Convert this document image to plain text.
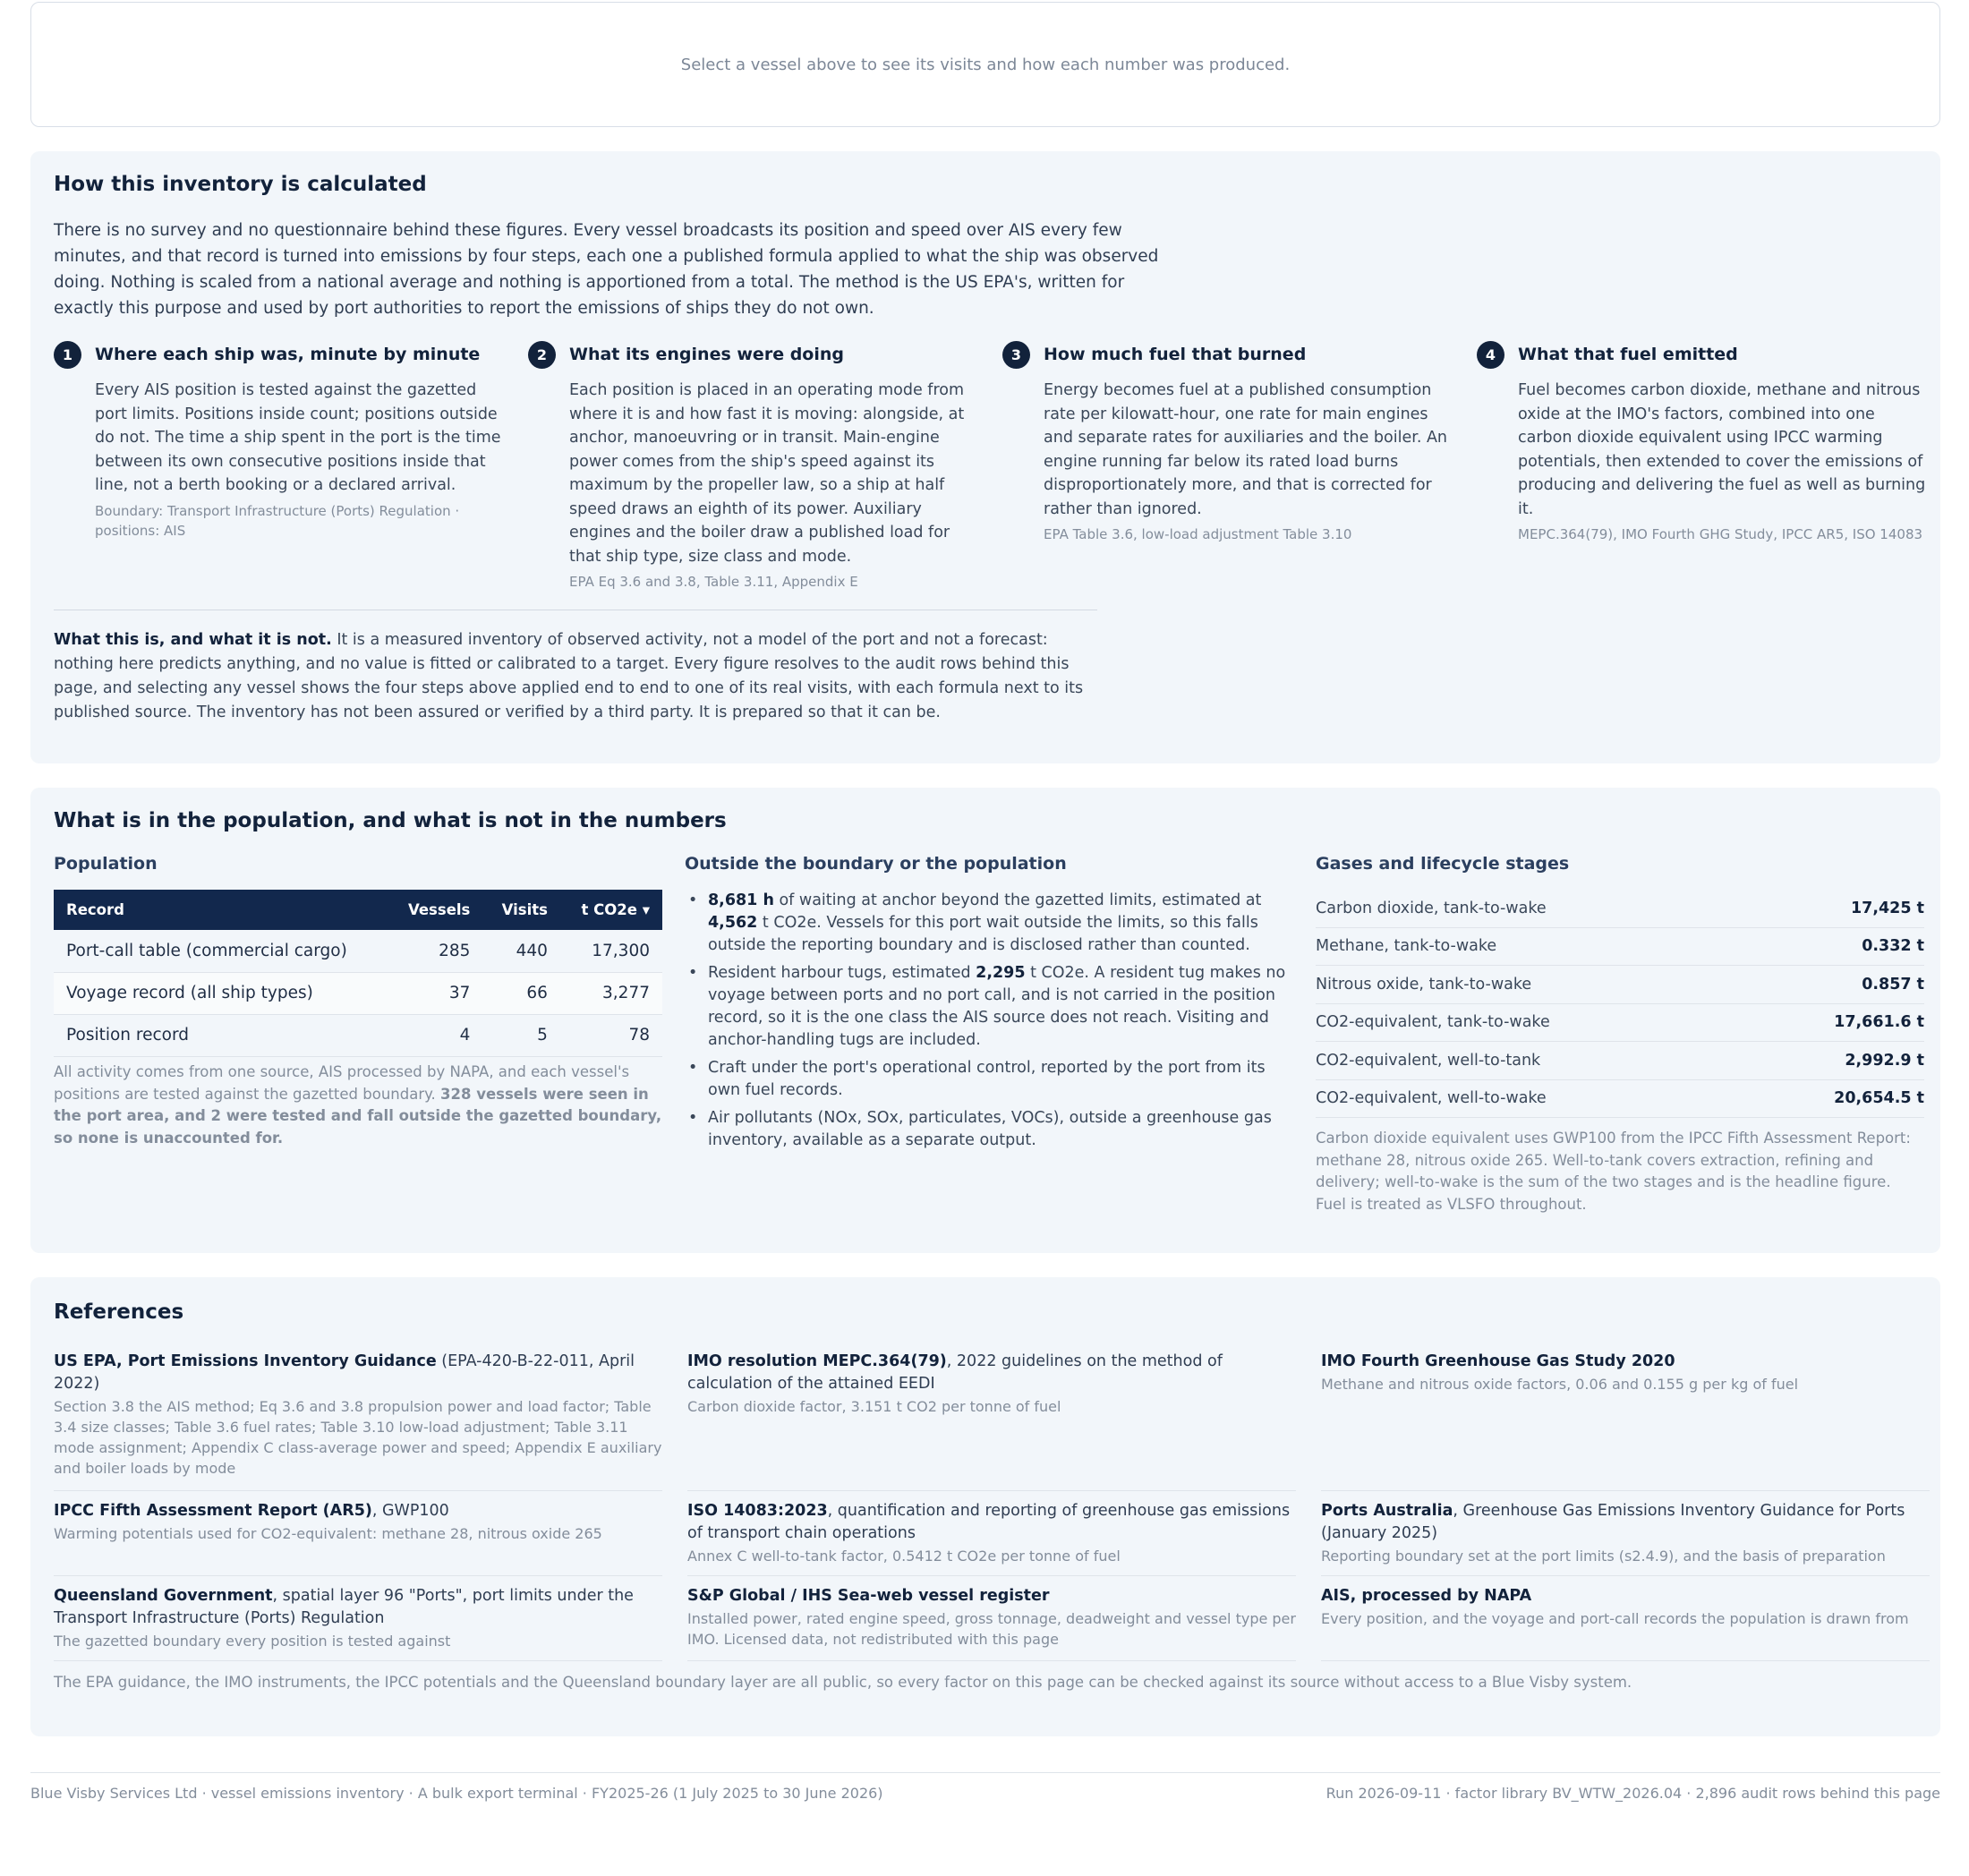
Select a vessel above to see its visits and how each number was produced.
How this inventory is calculated

There is no survey and no questionnaire behind these figures. Every vessel broadcasts its position and speed over AIS every few minutes, and that record is turned into emissions by four steps, each one a published formula applied to what the ship was observed doing. Nothing is scaled from a national average and nothing is apportioned from a total. The method is the US EPA's, written for exactly this purpose and used by port authorities to report the emissions of ships they do not own.

1	Where each ship was, minute by minute
Every AIS position is tested against the gazetted port limits. Positions inside count; positions outside do not. The time a ship spent in the port is the time between its own consecutive positions inside that line, not a berth booking or a declared arrival.
Boundary: Transport Infrastructure (Ports) Regulation · positions: AIS
2	What its engines were doing
Each position is placed in an operating mode from where it is and how fast it is moving: alongside, at anchor, manoeuvring or in transit. Main-engine power comes from the ship's speed against its maximum by the propeller law, so a ship at half speed draws an eighth of its power. Auxiliary engines and the boiler draw a published load for that ship type, size class and mode.
EPA Eq 3.6 and 3.8, Table 3.11, Appendix E
3	How much fuel that burned
Energy becomes fuel at a published consumption rate per kilowatt-hour, one rate for main engines and separate rates for auxiliaries and the boiler. An engine running far below its rated load burns disproportionately more, and that is corrected for rather than ignored.
EPA Table 3.6, low-load adjustment Table 3.10
4	What that fuel emitted
Fuel becomes carbon dioxide, methane and nitrous oxide at the IMO's factors, combined into one carbon dioxide equivalent using IPCC warming potentials, then extended to cover the emissions of producing and delivering the fuel as well as burning it.
MEPC.364(79), IMO Fourth GHG Study, IPCC AR5, ISO 14083

What this is, and what it is not. It is a measured inventory of observed activity, not a model of the port and not a forecast: nothing here predicts anything, and no value is fitted or calibrated to a target. Every figure resolves to the audit rows behind this page, and selecting any vessel shows the four steps above applied end to end to one of its real visits, with each formula next to its published source. The inventory has not been assured or verified by a third party. It is prepared so that it can be.

What is in the population, and what is not in the numbers
Population
Record	Vessels	Visits	t CO2e ▾
Port-call table (commercial cargo)	285	440	17,300
Voyage record (all ship types)	37	66	3,277
Position record	4	5	78

All activity comes from one source, AIS processed by NAPA, and each vessel's positions are tested against the gazetted boundary. 328 vessels were seen in the port area, and 2 were tested and fall outside the gazetted boundary, so none is unaccounted for.

Outside the boundary or the population
• 8,681 h of waiting at anchor beyond the gazetted limits, estimated at 4,562 t CO2e. Vessels for this port wait outside the limits, so this falls outside the reporting boundary and is disclosed rather than counted.
• Resident harbour tugs, estimated 2,295 t CO2e. A resident tug makes no voyage between ports and no port call, and is not carried in the position record, so it is the one class the AIS source does not reach. Visiting and anchor-handling tugs are included.
• Craft under the port's operational control, reported by the port from its own fuel records.
• Air pollutants (NOx, SOx, particulates, VOCs), outside a greenhouse gas inventory, available as a separate output.
Gases and lifecycle stages
Carbon dioxide, tank-to-wake	17,425 t
Methane, tank-to-wake	0.332 t
Nitrous oxide, tank-to-wake	0.857 t
CO2-equivalent, tank-to-wake	17,661.6 t
CO2-equivalent, well-to-tank	2,992.9 t
CO2-equivalent, well-to-wake	20,654.5 t

Carbon dioxide equivalent uses GWP100 from the IPCC Fifth Assessment Report: methane 28, nitrous oxide 265. Well-to-tank covers extraction, refining and delivery; well-to-wake is the sum of the two stages and is the headline figure. Fuel is treated as VLSFO throughout.

References
US EPA, Port Emissions Inventory Guidance (EPA-420-B-22-011, April 2022)
Section 3.8 the AIS method; Eq 3.6 and 3.8 propulsion power and load factor; Table 3.4 size classes; Table 3.6 fuel rates; Table 3.10 low-load adjustment; Table 3.11 mode assignment; Appendix C class-average power and speed; Appendix E auxiliary and boiler loads by mode
IMO resolution MEPC.364(79), 2022 guidelines on the method of calculation of the attained EEDI
Carbon dioxide factor, 3.151 t CO2 per tonne of fuel
IMO Fourth Greenhouse Gas Study 2020
Methane and nitrous oxide factors, 0.06 and 0.155 g per kg of fuel
IPCC Fifth Assessment Report (AR5), GWP100
Warming potentials used for CO2-equivalent: methane 28, nitrous oxide 265
ISO 14083:2023, quantification and reporting of greenhouse gas emissions of transport chain operations
Annex C well-to-tank factor, 0.5412 t CO2e per tonne of fuel
Ports Australia, Greenhouse Gas Emissions Inventory Guidance for Ports (January 2025)
Reporting boundary set at the port limits (s2.4.9), and the basis of preparation
Queensland Government, spatial layer 96 "Ports", port limits under the Transport Infrastructure (Ports) Regulation
The gazetted boundary every position is tested against
S&P Global / IHS Sea-web vessel register
Installed power, rated engine speed, gross tonnage, deadweight and vessel type per IMO. Licensed data, not redistributed with this page
AIS, processed by NAPA
Every position, and the voyage and port-call records the population is drawn from

The EPA guidance, the IMO instruments, the IPCC potentials and the Queensland boundary layer are all public, so every factor on this page can be checked against its source without access to a Blue Visby system.

Blue Visby Services Ltd · vessel emissions inventory · A bulk export terminal · FY2025-26 (1 July 2025 to 30 June 2026)	Run 2026-09-11 · factor library BV_WTW_2026.04 · 2,896 audit rows behind this page
